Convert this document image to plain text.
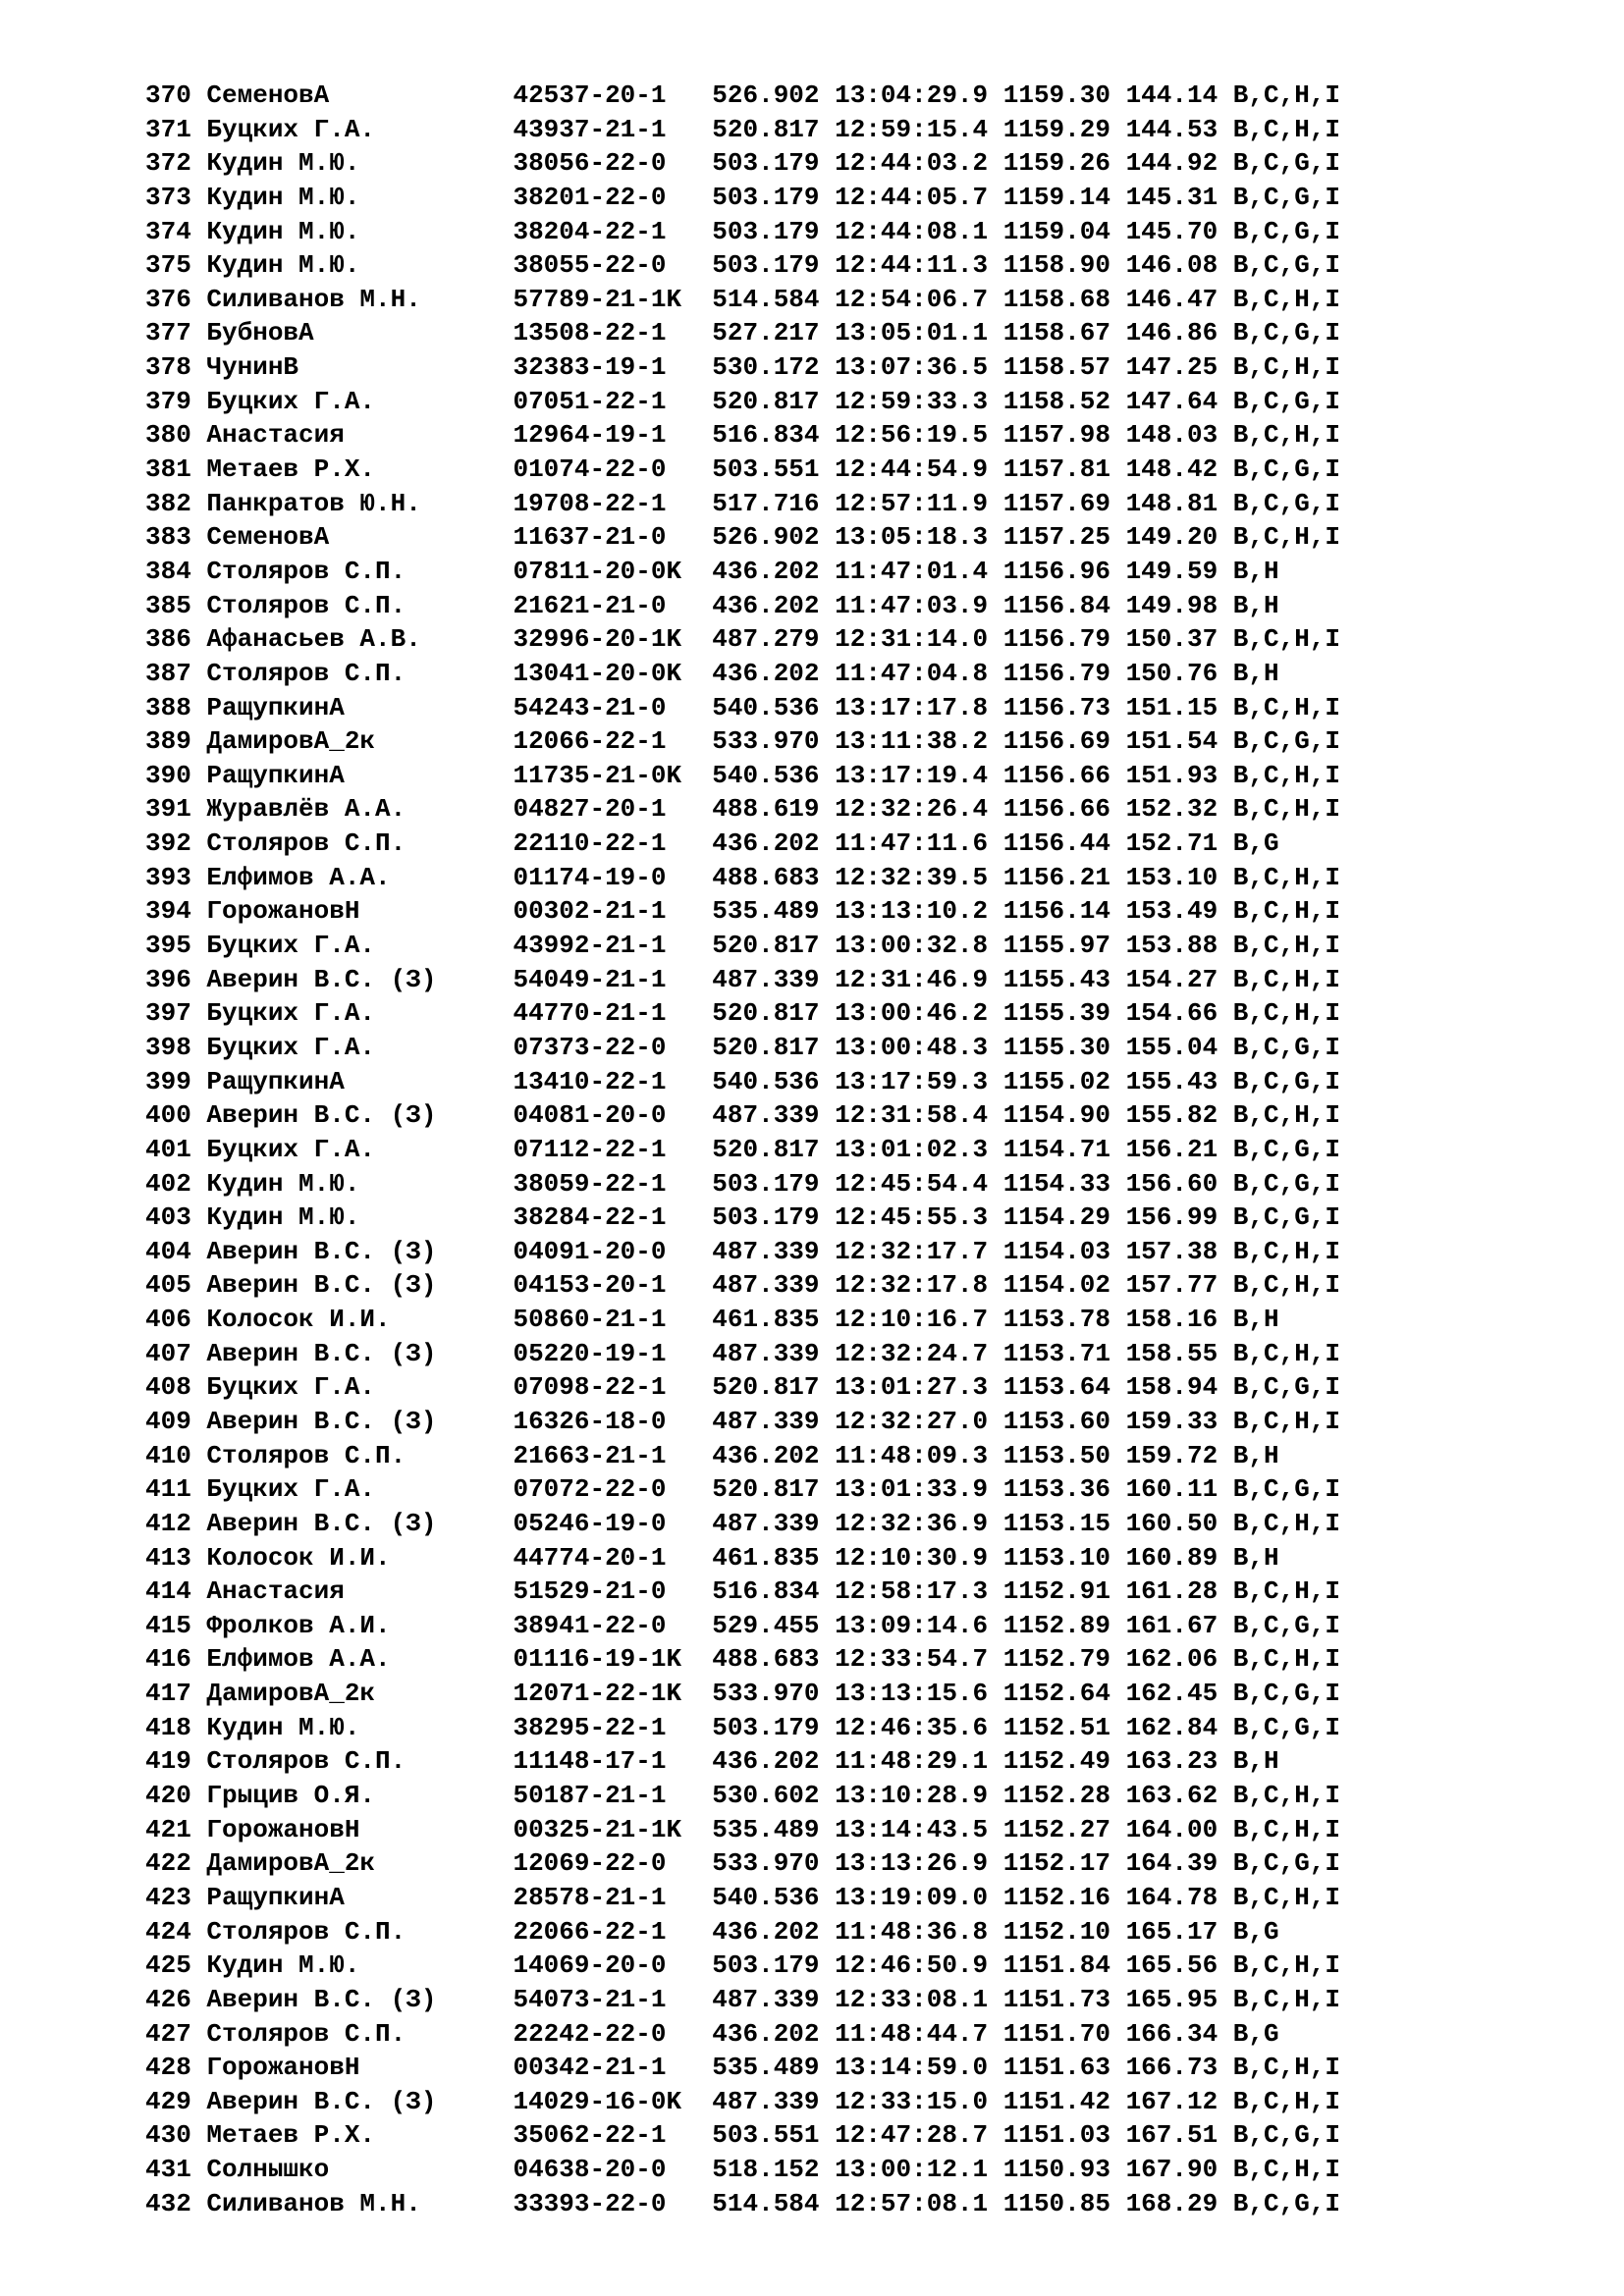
370 СеменовА            42537-20-1   526.902 13:04:29.9 1159.30 144.14 B,C,H,I
371 Буцких Г.А.         43937-21-1   520.817 12:59:15.4 1159.29 144.53 B,C,H,I
372 Кудин М.Ю.          38056-22-0   503.179 12:44:03.2 1159.26 144.92 B,C,G,I
373 Кудин М.Ю.          38201-22-0   503.179 12:44:05.7 1159.14 145.31 B,C,G,I
374 Кудин М.Ю.          38204-22-1   503.179 12:44:08.1 1159.04 145.70 B,C,G,I
375 Кудин М.Ю.          38055-22-0   503.179 12:44:11.3 1158.90 146.08 B,C,G,I
376 Силиванов М.Н.      57789-21-1K  514.584 12:54:06.7 1158.68 146.47 B,C,H,I
377 БубновА             13508-22-1   527.217 13:05:01.1 1158.67 146.86 B,C,G,I
378 ЧунинВ              32383-19-1   530.172 13:07:36.5 1158.57 147.25 B,C,H,I
379 Буцких Г.А.         07051-22-1   520.817 12:59:33.3 1158.52 147.64 B,C,G,I
380 Анастасия           12964-19-1   516.834 12:56:19.5 1157.98 148.03 B,C,H,I
381 Метаев Р.Х.         01074-22-0   503.551 12:44:54.9 1157.81 148.42 B,C,G,I
382 Панкратов Ю.Н.      19708-22-1   517.716 12:57:11.9 1157.69 148.81 B,C,G,I
383 СеменовА            11637-21-0   526.902 13:05:18.3 1157.25 149.20 B,C,H,I
384 Столяров С.П.       07811-20-0K  436.202 11:47:01.4 1156.96 149.59 B,H
385 Столяров С.П.       21621-21-0   436.202 11:47:03.9 1156.84 149.98 B,H
386 Афанасьев А.В.      32996-20-1K  487.279 12:31:14.0 1156.79 150.37 B,C,H,I
387 Столяров С.П.       13041-20-0K  436.202 11:47:04.8 1156.79 150.76 B,H
388 РащупкинА           54243-21-0   540.536 13:17:17.8 1156.73 151.15 B,C,H,I
389 ДамировА_2к         12066-22-1   533.970 13:11:38.2 1156.69 151.54 B,C,G,I
390 РащупкинА           11735-21-0K  540.536 13:17:19.4 1156.66 151.93 B,C,H,I
391 Журавлёв А.А.       04827-20-1   488.619 12:32:26.4 1156.66 152.32 B,C,H,I
392 Столяров С.П.       22110-22-1   436.202 11:47:11.6 1156.44 152.71 B,G
393 Елфимов А.А.        01174-19-0   488.683 12:32:39.5 1156.21 153.10 B,C,H,I
394 ГорожановН          00302-21-1   535.489 13:13:10.2 1156.14 153.49 B,C,H,I
395 Буцких Г.А.         43992-21-1   520.817 13:00:32.8 1155.97 153.88 B,C,H,I
396 Аверин В.С. (З)     54049-21-1   487.339 12:31:46.9 1155.43 154.27 B,C,H,I
397 Буцких Г.А.         44770-21-1   520.817 13:00:46.2 1155.39 154.66 B,C,H,I
398 Буцких Г.А.         07373-22-0   520.817 13:00:48.3 1155.30 155.04 B,C,G,I
399 РащупкинА           13410-22-1   540.536 13:17:59.3 1155.02 155.43 B,C,G,I
400 Аверин В.С. (З)     04081-20-0   487.339 12:31:58.4 1154.90 155.82 B,C,H,I
401 Буцких Г.А.         07112-22-1   520.817 13:01:02.3 1154.71 156.21 B,C,G,I
402 Кудин М.Ю.          38059-22-1   503.179 12:45:54.4 1154.33 156.60 B,C,G,I
403 Кудин М.Ю.          38284-22-1   503.179 12:45:55.3 1154.29 156.99 B,C,G,I
404 Аверин В.С. (З)     04091-20-0   487.339 12:32:17.7 1154.03 157.38 B,C,H,I
405 Аверин В.С. (З)     04153-20-1   487.339 12:32:17.8 1154.02 157.77 B,C,H,I
406 Колосок И.И.        50860-21-1   461.835 12:10:16.7 1153.78 158.16 B,H
407 Аверин В.С. (З)     05220-19-1   487.339 12:32:24.7 1153.71 158.55 B,C,H,I
408 Буцких Г.А.         07098-22-1   520.817 13:01:27.3 1153.64 158.94 B,C,G,I
409 Аверин В.С. (З)     16326-18-0   487.339 12:32:27.0 1153.60 159.33 B,C,H,I
410 Столяров С.П.       21663-21-1   436.202 11:48:09.3 1153.50 159.72 B,H
411 Буцких Г.А.         07072-22-0   520.817 13:01:33.9 1153.36 160.11 B,C,G,I
412 Аверин В.С. (З)     05246-19-0   487.339 12:32:36.9 1153.15 160.50 B,C,H,I
413 Колосок И.И.        44774-20-1   461.835 12:10:30.9 1153.10 160.89 B,H
414 Анастасия           51529-21-0   516.834 12:58:17.3 1152.91 161.28 B,C,H,I
415 Фролков А.И.        38941-22-0   529.455 13:09:14.6 1152.89 161.67 B,C,G,I
416 Елфимов А.А.        01116-19-1K  488.683 12:33:54.7 1152.79 162.06 B,C,H,I
417 ДамировА_2к         12071-22-1K  533.970 13:13:15.6 1152.64 162.45 B,C,G,I
418 Кудин М.Ю.          38295-22-1   503.179 12:46:35.6 1152.51 162.84 B,C,G,I
419 Столяров С.П.       11148-17-1   436.202 11:48:29.1 1152.49 163.23 B,H
420 Грыцив О.Я.         50187-21-1   530.602 13:10:28.9 1152.28 163.62 B,C,H,I
421 ГорожановН          00325-21-1K  535.489 13:14:43.5 1152.27 164.00 B,C,H,I
422 ДамировА_2к         12069-22-0   533.970 13:13:26.9 1152.17 164.39 B,C,G,I
423 РащупкинА           28578-21-1   540.536 13:19:09.0 1152.16 164.78 B,C,H,I
424 Столяров С.П.       22066-22-1   436.202 11:48:36.8 1152.10 165.17 B,G
425 Кудин М.Ю.          14069-20-0   503.179 12:46:50.9 1151.84 165.56 B,C,H,I
426 Аверин В.С. (З)     54073-21-1   487.339 12:33:08.1 1151.73 165.95 B,C,H,I
427 Столяров С.П.       22242-22-0   436.202 11:48:44.7 1151.70 166.34 B,G
428 ГорожановН          00342-21-1   535.489 13:14:59.0 1151.63 166.73 B,C,H,I
429 Аверин В.С. (З)     14029-16-0K  487.339 12:33:15.0 1151.42 167.12 B,C,H,I
430 Метаев Р.Х.         35062-22-1   503.551 12:47:28.7 1151.03 167.51 B,C,G,I
431 Солнышко            04638-20-0   518.152 13:00:12.1 1150.93 167.90 B,C,H,I
432 Силиванов М.Н.      33393-22-0   514.584 12:57:08.1 1150.85 168.29 B,C,G,I
